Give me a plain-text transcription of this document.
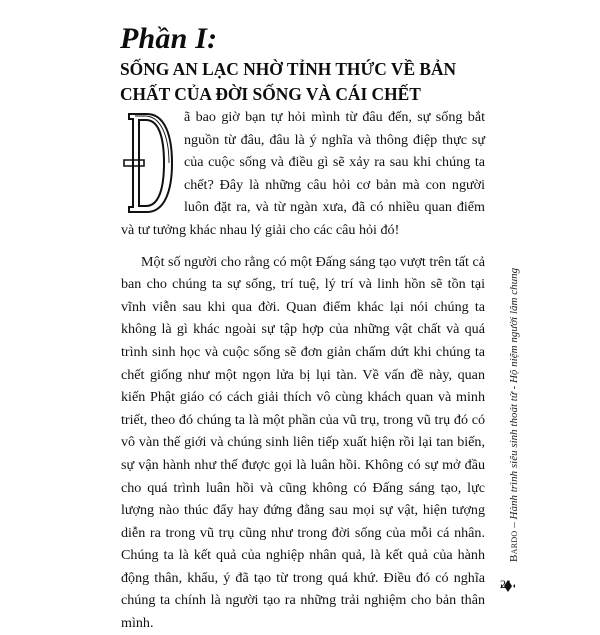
Phần I:
SỐNG AN LẠC NHỜ TỈNH THỨC VỀ BẢN CHẤT CỦA ĐỜI SỐNG VÀ CÁI CHẾT

ã bao giờ bạn tự hỏi mình từ đâu đến, sự sống bắt nguồn từ đâu, đâu là ý nghĩa và thông điệp thực sự của cuộc sống và điều gì sẽ xảy ra sau khi chúng ta chết? Đây là những câu hỏi cơ bản mà con người luôn đặt ra, và từ ngàn xưa, đã có nhiều quan điểm và tư tưởng khác nhau lý giải cho các câu hỏi đó!

Một số người cho rằng có một Đấng sáng tạo vượt trên tất cả ban cho chúng ta sự sống, trí tuệ, lý trí và linh hồn sẽ tồn tại vĩnh viễn sau khi qua đời. Quan điểm khác lại nói chúng ta không là gì khác ngoài sự tập hợp của những vật chất và quá trình sinh học và cuộc sống sẽ đơn giản chấm dứt khi chúng ta chết giống như một ngọn lửa bị lụi tàn. Về vấn đề này, quan kiến Phật giáo có cách giải thích vô cùng khách quan và minh triết, theo đó chúng ta là một phần của vũ trụ, trong vũ trụ đó có vô vàn thế giới và chúng sinh liên tiếp xuất hiện rồi lại tan biến, sự vận hành như thế được gọi là luân hồi. Không có sự mở đầu cho quá trình luân hồi và cũng không có Đấng sáng tạo, lực lượng nào thúc đẩy hay đứng đằng sau mọi sự vật, hiện tượng diễn ra trong vũ trụ cũng như trong đời sống của mỗi cá nhân. Chúng ta là kết quả của nghiệp nhân quả, là kết quả của hành động thân, khẩu, ý đã tạo từ trong quá khứ. Điều đó có nghĩa chúng ta chính là người tạo ra những trải nghiệm cho bản thân mình.

Bardo – Hành trình siêu sinh thoát tử - Hộ niệm người lâm chung
21
